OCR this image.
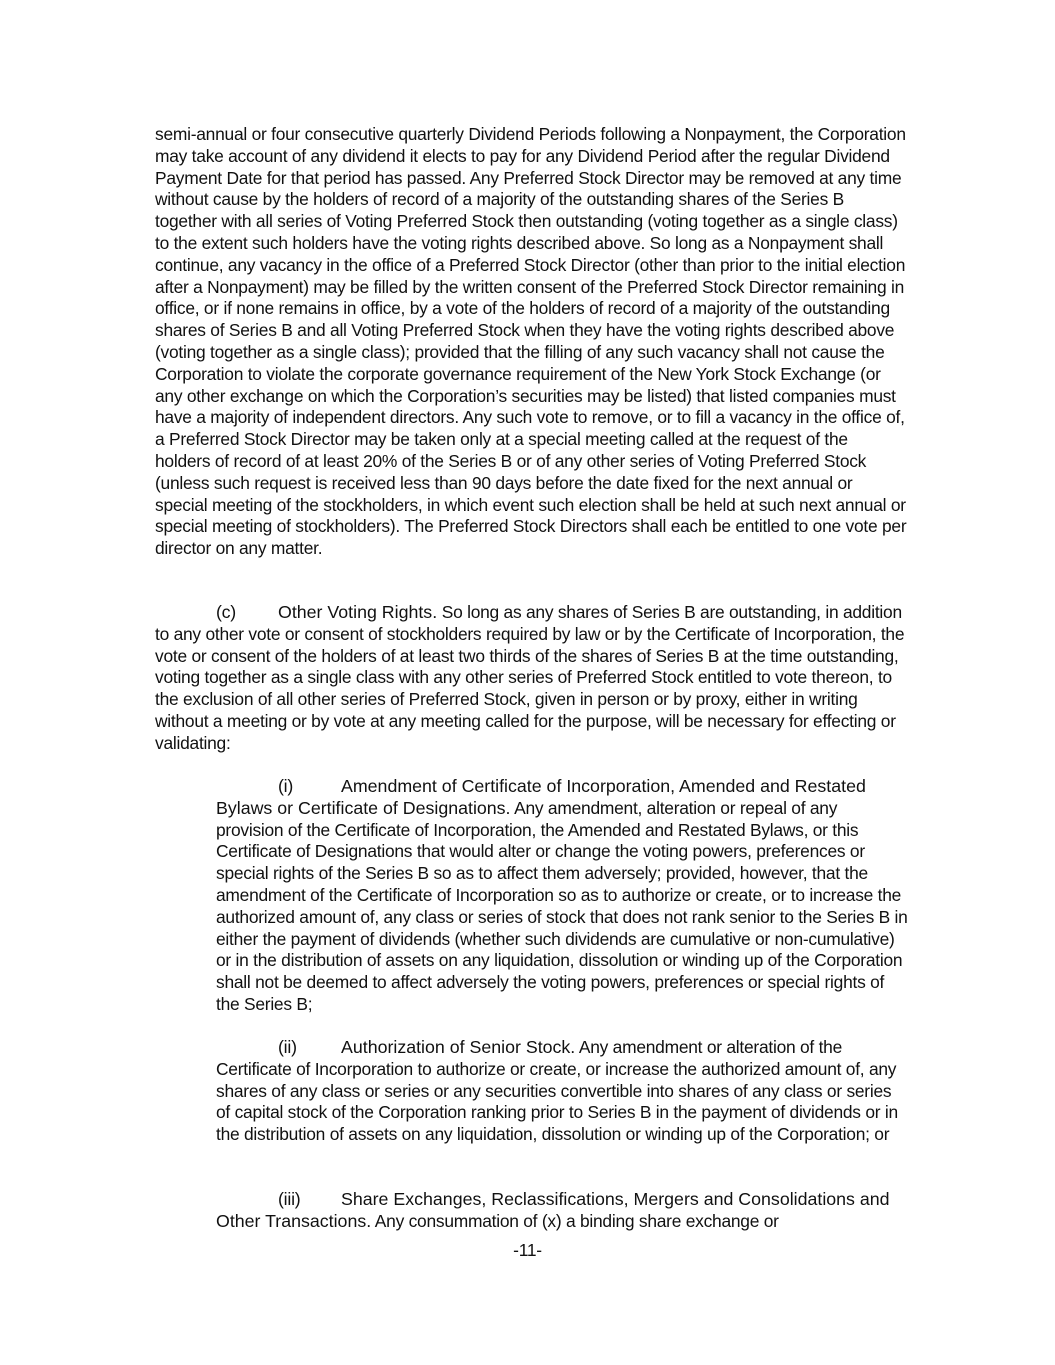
semi-annual or four consecutive quarterly Dividend Periods following a Nonpayment, the Corporation may take account of any dividend it elects to pay for any Dividend Period after the regular Dividend Payment Date for that period has passed. Any Preferred Stock Director may be removed at any time without cause by the holders of record of a majority of the outstanding shares of the Series B together with all series of Voting Preferred Stock then outstanding (voting together as a single class) to the extent such holders have the voting rights described above. So long as a Nonpayment shall continue, any vacancy in the office of a Preferred Stock Director (other than prior to the initial election after a Nonpayment) may be filled by the written consent of the Preferred Stock Director remaining in office, or if none remains in office, by a vote of the holders of record of a majority of the outstanding shares of Series B and all Voting Preferred Stock when they have the voting rights described above (voting together as a single class); provided that the filling of any such vacancy shall not cause the Corporation to violate the corporate governance requirement of the New York Stock Exchange (or any other exchange on which the Corporation’s securities may be listed) that listed companies must have a majority of independent directors. Any such vote to remove, or to fill a vacancy in the office of, a Preferred Stock Director may be taken only at a special meeting called at the request of the holders of record of at least 20% of the Series B or of any other series of Voting Preferred Stock (unless such request is received less than 90 days before the date fixed for the next annual or special meeting of the stockholders, in which event such election shall be held at such next annual or special meeting of stockholders). The Preferred Stock Directors shall each be entitled to one vote per director on any matter.

(c) Other Voting Rights. So long as any shares of Series B are outstanding, in addition to any other vote or consent of stockholders required by law or by the Certificate of Incorporation, the vote or consent of the holders of at least two thirds of the shares of Series B at the time outstanding, voting together as a single class with any other series of Preferred Stock entitled to vote thereon, to the exclusion of all other series of Preferred Stock, given in person or by proxy, either in writing without a meeting or by vote at any meeting called for the purpose, will be necessary for effecting or validating:

(i)	Amendment of Certificate of Incorporation, Amended and Restated Bylaws or Certificate of Designations. Any amendment, alteration or repeal of any provision of the Certificate of Incorporation, the Amended and Restated Bylaws, or this Certificate of Designations that would alter or change the voting powers, preferences or special rights of the Series B so as to affect them adversely; provided, however, that the amendment of the Certificate of Incorporation so as to authorize or create, or to increase the authorized amount of, any class or series of stock that does not rank senior to the Series B in either the payment of dividends (whether such dividends are cumulative or non-cumulative) or in the distribution of assets on any liquidation, dissolution or winding up of the Corporation shall not be deemed to affect adversely the voting powers, preferences or special rights of the Series B;

(ii) Authorization of Senior Stock. Any amendment or alteration of the Certificate of Incorporation to authorize or create, or increase the authorized amount of, any shares of any class or series or any securities convertible into shares of any class or series of capital stock of the Corporation ranking prior to Series B in the payment of dividends or in the distribution of assets on any liquidation, dissolution or winding up of the Corporation; or

(iii) Share Exchanges, Reclassifications, Mergers and Consolidations and Other Transactions. Any consummation of (x) a binding share exchange or

-11-
